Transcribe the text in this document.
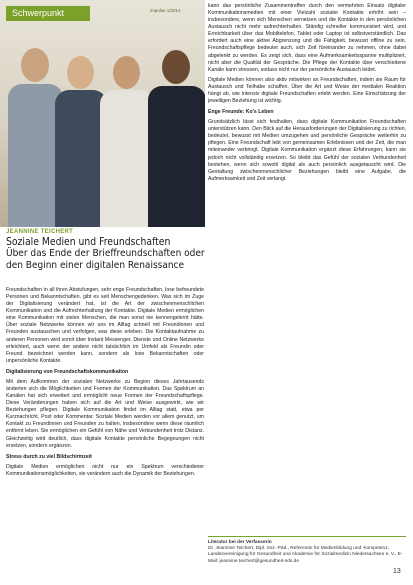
Schwerpunkt	impulse 1/2014
JEANNINE TEICHERT
Soziale Medien und Freundschaften
Über das Ende der Brieffreundschaften oder den Beginn einer digitalen Renaissance

Freundschaften in all ihren Abstufungen, sehr enge Freundschaften, lose befreundete Personen und Bekanntschaften, gibt es seit Menschengedenken. Was sich im Zuge der Digitalisierung verändert hat, ist die Art der zwischenmenschlichen Kommunikation und die Aufrechterhaltung der Kontakte. Digitale Medien ermöglichen eine Kommunikation mit vielen Menschen, die man sonst nie kennengelernt hätte. Über soziale Netzwerke können wir uns im Alltag schnell mit Freundinnen und Freunden austauschen und verfolgen, was diese erleben. Die Kontaktaufnahme zu anderen Personen wird somit über Instant Messenger, Dienste und Online Netzwerke erleichtert, auch wenn der andere nicht tatsächlich im Umfeld als Freundin oder Freund bezeichnet werden kann, sondern als lose Bekanntschaften oder unpersönliche Kontakte.

Digitalisierung von Freundschaftskommunikation

Mit dem Aufkommen der sozialen Netzwerke zu Beginn dieses Jahrtausends änderten sich die Möglichkeiten und Formen der Kommunikation. Das Spektrum an Kanälen hat sich erweitert und ermöglicht neue Formen der Freundschaftspflege. Diese Veränderungen haben sich auf die Art und Weise ausgewirkt, wie wir Beziehungen pflegen. Digitale Kommunikation findet im Alltag statt, etwa per Kurznachricht, Post oder Kommentar. Soziale Medien werden vor allem genutzt, um Kontakt zu Freundinnen und Freunden zu halten, insbesondere wenn diese räumlich entfernt leben. Sie ermöglichen ein Gefühl von Nähe und Verbundenheit trotz Distanz. Gleichzeitig wird deutlich, dass digitale Kontakte persönliche Begegnungen nicht ersetzen, sondern ergänzen.

Stress durch zu viel Bildschirmzeit

Digitale Medien ermöglichen nicht nur ein Spektrum verschiedener Kommunikationsmöglichkeiten, sie verändern auch die Dynamik der Beziehungen.

kann das persönliche Zusammentreffen durch den vermehrten Einsatz digitaler Kommunikationsmedien mit einer Vielzahl sozialer Kontakte erhöht sein – insbesondere, wenn sich Menschen vernetzen und die Kontakte in den persönlichen Austausch nicht mehr aufrechterhalten. Ständig schneller kommuniziert wird, und Erreichbarkeit über das Mobiltelefon, Tablet oder Laptop ist selbstverständlich. Das erfordert auch eine aktive Abgrenzung und die Fähigkeit, bewusst offline zu sein. Freundschaftspflege bedeutet auch, sich Zeit füreinander zu nehmen, ohne dabei abgelenkt zu werden. Es zeigt sich, dass eine Aufmerksamkeitsspanne multipliziert, nicht aber die Qualität der Gespräche. Die Pflege der Kontakte über verschiedene Kanäle kann stressen, sodass nicht nur der persönliche Austausch leidet.

Digitale Medien können also aktiv mitwirken an Freundschaften, indem sie Raum für Austausch und Teilhabe schaffen. Über die Art und Weise der medialen Reaktion hängt ab, wie intensiv digitale Freundschaften erlebt werden. Eine Einschätzung der jeweiligen Beziehung ist wichtig.

Enge Freunde: Ko's Leben

Grundsätzlich lässt sich festhalten, dass digitale Kommunikation Freundschaften unterstützen kann. Den Blick auf die Herausforderungen der Digitalisierung zu richten, bedeutet, bewusst mit Medien umzugehen und persönliche Gespräche weiterhin zu pflegen. Eine Freundschaft lebt von gemeinsamen Erlebnissen und der Zeit, die man miteinander verbringt. Digitale Kommunikation ergänzt diese Erfahrungen, kann sie jedoch nicht vollständig ersetzen. So bleibt das Gefühl der sozialen Verbundenheit bestehen, wenn sich sowohl digital als auch persönlich ausgetauscht wird. Die Gestaltung zwischenmenschlicher Beziehungen bleibt eine Aufgabe, die Aufmerksamkeit und Zeit verlangt.

Literatur bei der Verfasserin
Dr. Jeannine Teichert, Dipl. Soz.-Päd., Referentin für Medienbildung und -kompetenz, Landesvereinigung für Gesundheit und Akademie für Sozialmedizin Niedersachsen e. V., E-Mail: jeannine.teichert@gesundheit-nds.de
13
